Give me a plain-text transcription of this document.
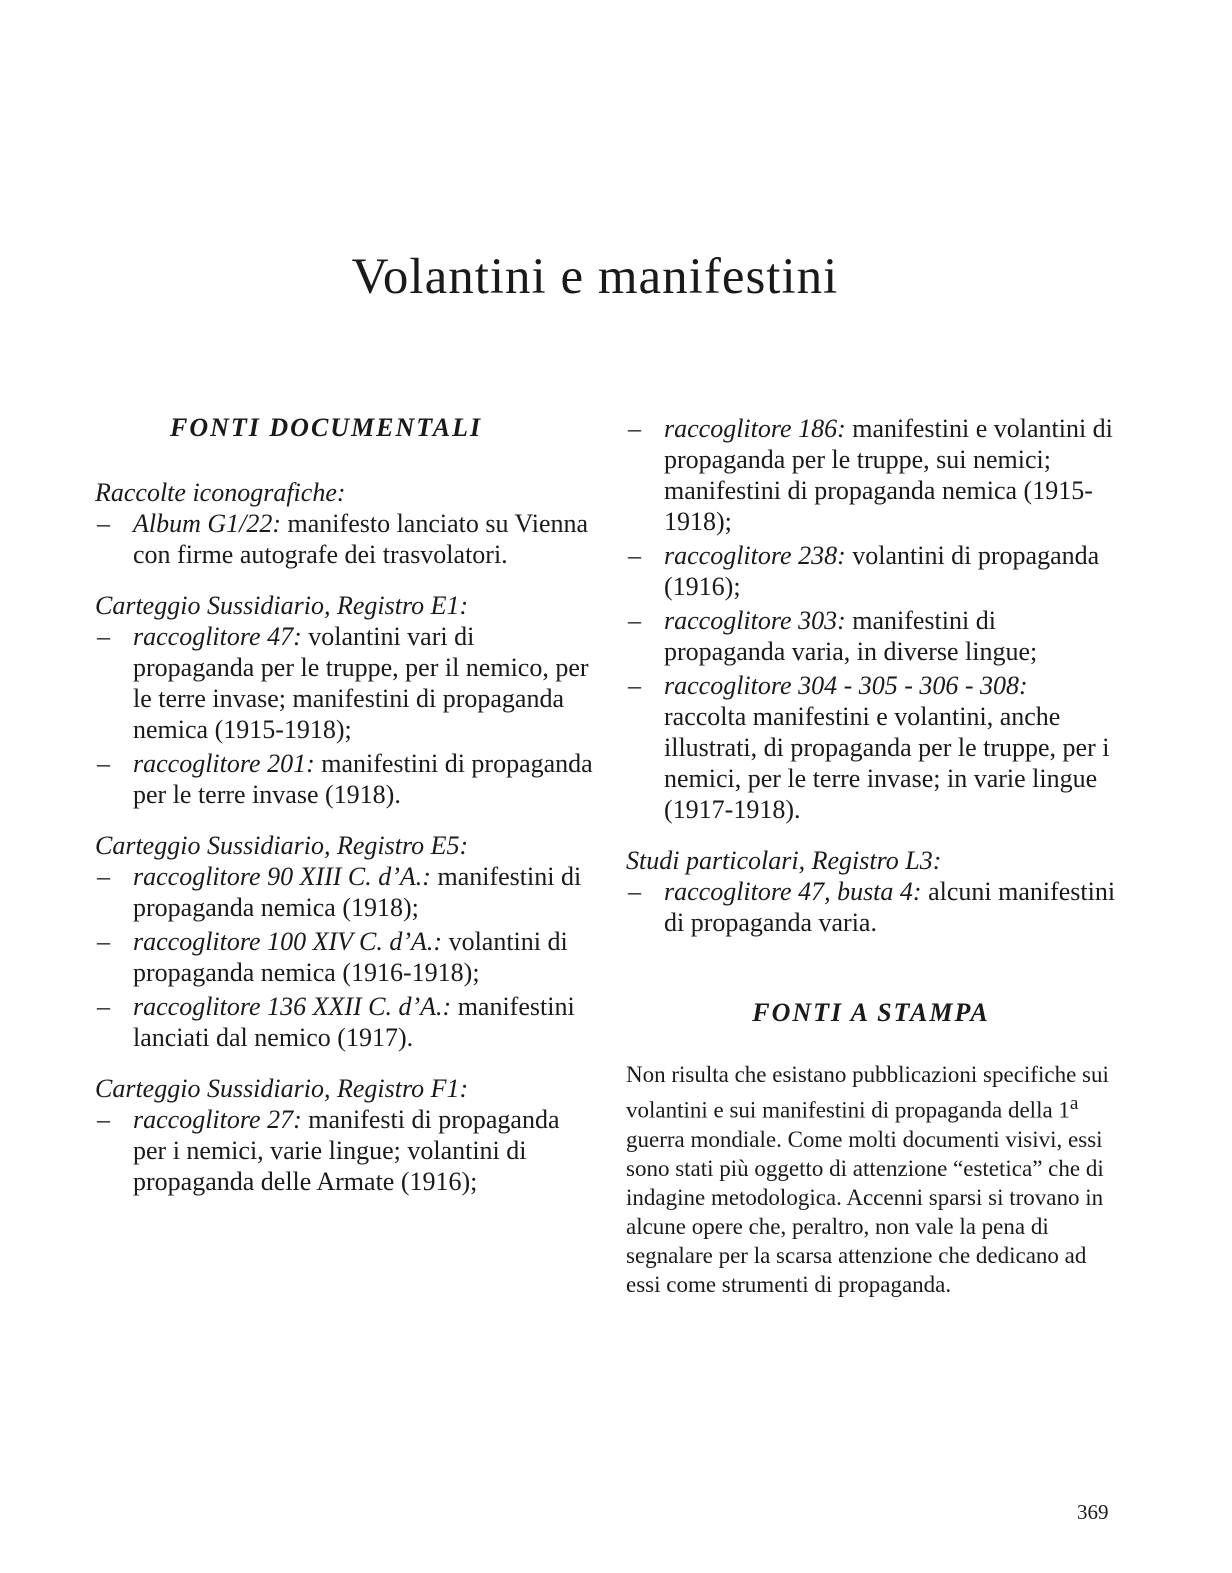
Volantini e manifestini
FONTI DOCUMENTALI
Raccolte iconografiche:
– Album G1/22: manifesto lanciato su Vienna con firme autografe dei trasvolatori.
Carteggio Sussidiario, Registro E1:
– raccoglitore 47: volantini vari di propaganda per le truppe, per il nemico, per le terre invase; manifestini di propaganda nemica (1915-1918);
– raccoglitore 201: manifestini di propaganda per le terre invase (1918).
Carteggio Sussidiario, Registro E5:
– raccoglitore 90 XIII C. d’A.: manifestini di propaganda nemica (1918);
– raccoglitore 100 XIV C. d’A.: volantini di propaganda nemica (1916-1918);
– raccoglitore 136 XXII C. d’A.: manifestini lanciati dal nemico (1917).
Carteggio Sussidiario, Registro F1:
– raccoglitore 27: manifesti di propaganda per i nemici, varie lingue; volantini di propaganda delle Armate (1916);
– raccoglitore 186: manifestini e volantini di propaganda per le truppe, sui nemici; manifestini di propaganda nemica (1915-1918);
– raccoglitore 238: volantini di propaganda (1916);
– raccoglitore 303: manifestini di propaganda varia, in diverse lingue;
– raccoglitore 304 - 305 - 306 - 308: raccolta manifestini e volantini, anche illustrati, di propaganda per le truppe, per i nemici, per le terre invase; in varie lingue (1917-1918).
Studi particolari, Registro L3:
– raccoglitore 47, busta 4: alcuni manifestini di propaganda varia.
FONTI A STAMPA

Non risulta che esistano pubblicazioni specifiche sui volantini e sui manifestini di propaganda della 1$^a$ guerra mondiale. Come molti documenti visivi, essi sono stati più oggetto di attenzione “estetica” che di indagine metodologica. Accenni sparsi si trovano in alcune opere che, peraltro, non vale la pena di segnalare per la scarsa attenzione che dedicano ad essi come strumenti di propaganda.

369
